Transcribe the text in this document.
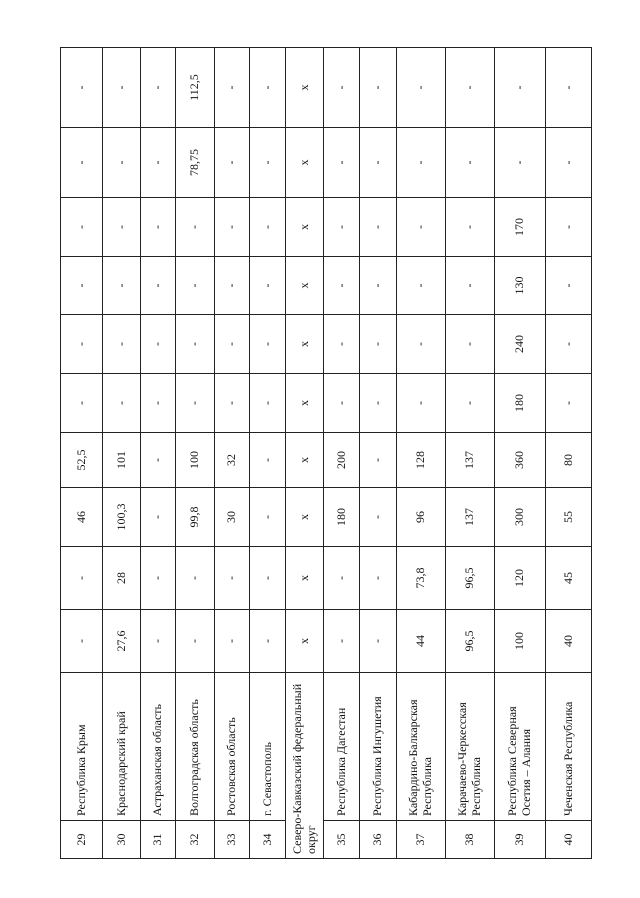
29	Республика Крым	-	-	46	52,5	-	-	-	-	-	-
30	Краснодарский край	27,6	28	100,3	101	-	-	-	-	-	-
31	Астраханская область	-	-	-	-	-	-	-	-	-	-
32	Волгоградская область	-	-	99,8	100	-	-	-	-	78,75	112,5
33	Ростовская область	-	-	30	32	-	-	-	-	-	-
34	г. Севастополь	-	-	-	-	-	-	-	-	-	-
Северо-Кавказский федеральный округ		x	x	x	x	x	x	x	x	x	x
35	Республика Дагестан	-	-	180	200	-	-	-	-	-	-
36	Республика Ингушетия	-	-	-	-	-	-	-	-	-	-
37	Кабардино-Балкарская Республика	44	73,8	96	128	-	-	-	-	-	-
38	Карачаево-Черкесская Республика	96,5	96,5	137	137	-	-	-	-	-	-
39	Республика Северная Осетия – Алания	100	120	300	360	180	240	130	170	-	-
40	Чеченская Республика	40	45	55	80	-	-	-	-	-	-
